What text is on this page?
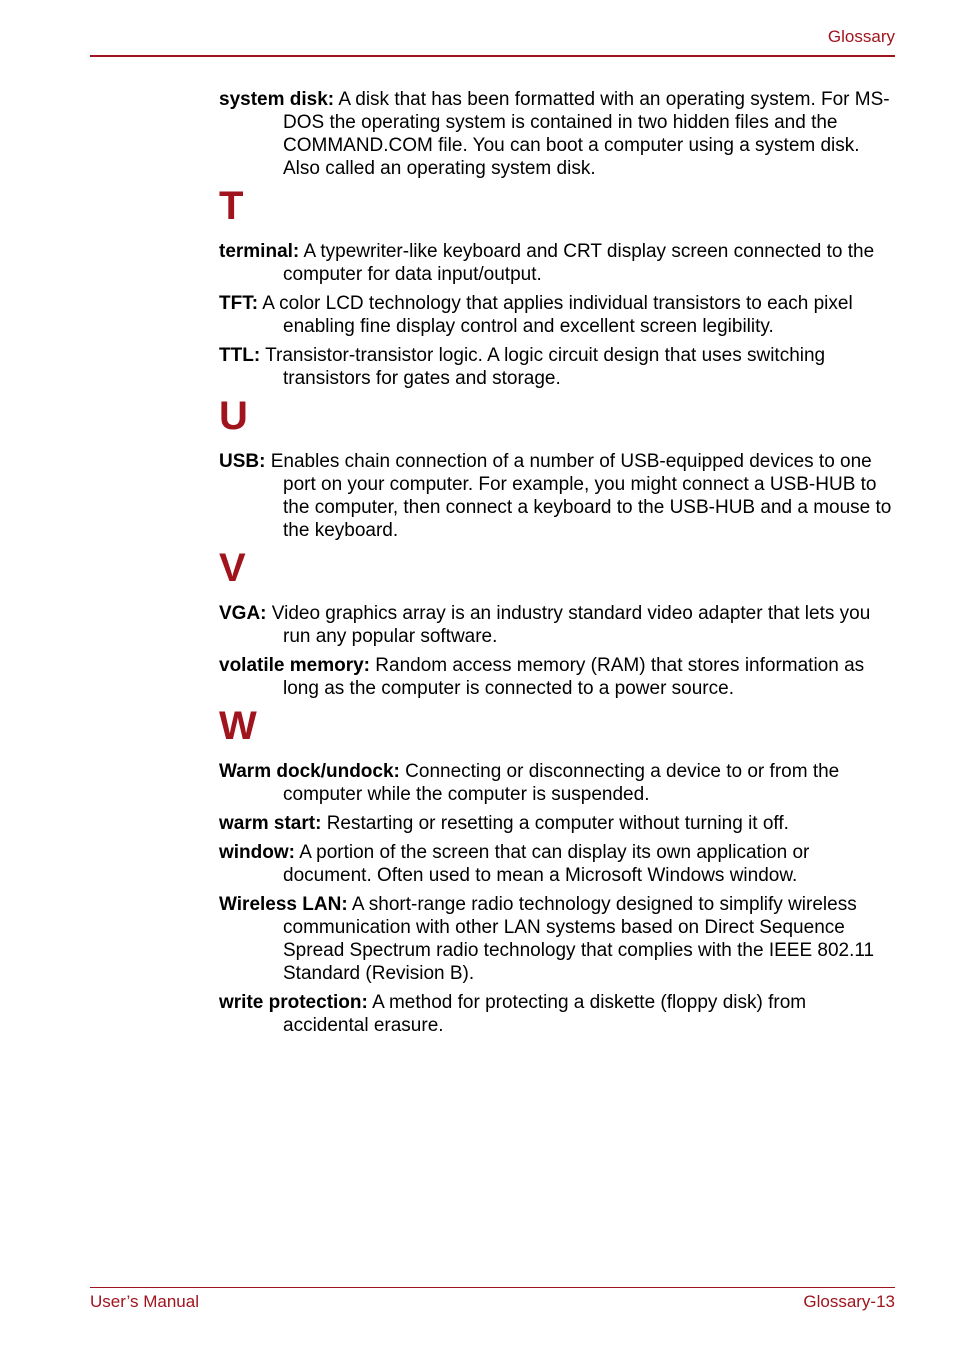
Glossary

system disk: A disk that has been formatted with an operating system. For MS-DOS the operating system is contained in two hidden files and the COMMAND.COM file. You can boot a computer using a system disk. Also called an operating system disk.

T

terminal: A typewriter-like keyboard and CRT display screen connected to the computer for data input/output.

TFT: A color LCD technology that applies individual transistors to each pixel enabling fine display control and excellent screen legibility.

TTL: Transistor-transistor logic. A logic circuit design that uses switching transistors for gates and storage.

U

USB: Enables chain connection of a number of USB-equipped devices to one port on your computer. For example, you might connect a USB-HUB to the computer, then connect a keyboard to the USB-HUB and a mouse to the keyboard.

V

VGA: Video graphics array is an industry standard video adapter that lets you run any popular software.

volatile memory: Random access memory (RAM) that stores information as long as the computer is connected to a power source.

W

Warm dock/undock: Connecting or disconnecting a device to or from the computer while the computer is suspended.

warm start: Restarting or resetting a computer without turning it off.

window: A portion of the screen that can display its own application or document. Often used to mean a Microsoft Windows window.

Wireless LAN: A short-range radio technology designed to simplify wireless communication with other LAN systems based on Direct Sequence Spread Spectrum radio technology that complies with the IEEE 802.11 Standard (Revision B).

write protection: A method for protecting a diskette (floppy disk) from accidental erasure.

User’s Manual	Glossary-13
